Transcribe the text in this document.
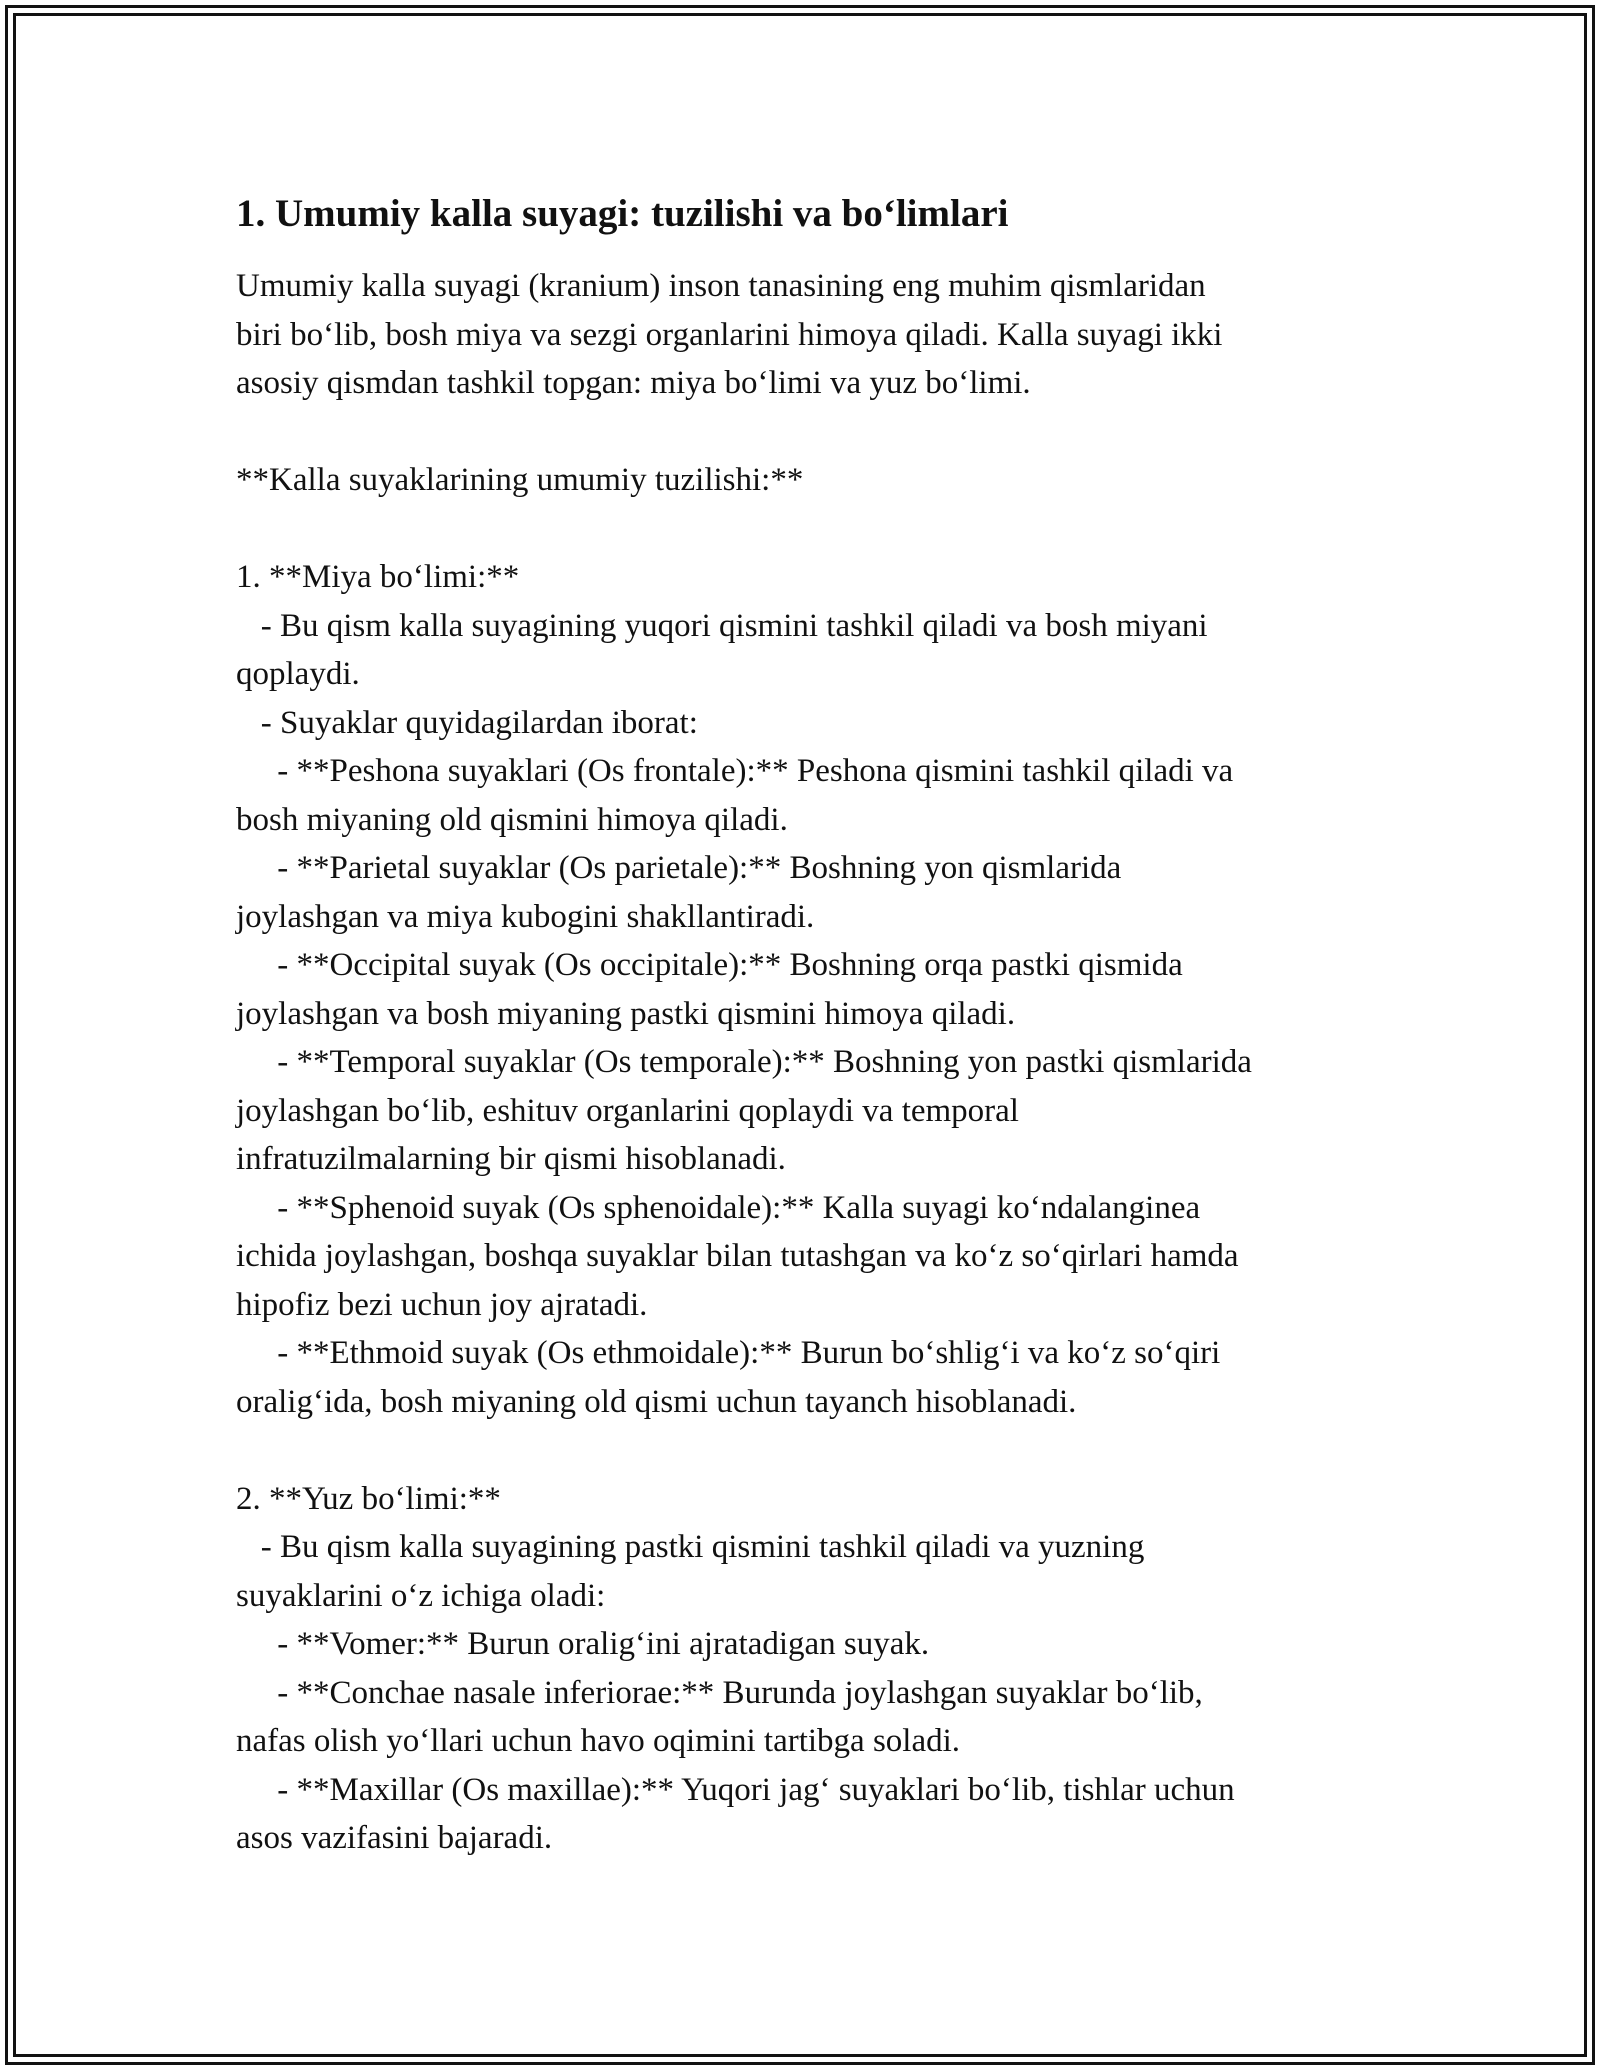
1. Umumiy kalla suyagi: tuzilishi va bo‘limlari
Umumiy kalla suyagi (kranium) inson tanasining eng muhim qismlaridan
biri bo‘lib, bosh miya va sezgi organlarini himoya qiladi. Kalla suyagi ikki
asosiy qismdan tashkil topgan: miya bo‘limi va yuz bo‘limi.
**Kalla suyaklarining umumiy tuzilishi:**
1. **Miya bo‘limi:**
- Bu qism kalla suyagining yuqori qismini tashkil qiladi va bosh miyani
qoplaydi.
- Suyaklar quyidagilardan iborat:
- **Peshona suyaklari (Os frontale):** Peshona qismini tashkil qiladi va
bosh miyaning old qismini himoya qiladi.
- **Parietal suyaklar (Os parietale):** Boshning yon qismlarida
joylashgan va miya kubogini shakllantiradi.
- **Occipital suyak (Os occipitale):** Boshning orqa pastki qismida
joylashgan va bosh miyaning pastki qismini himoya qiladi.
- **Temporal suyaklar (Os temporale):** Boshning yon pastki qismlarida
joylashgan bo‘lib, eshituv organlarini qoplaydi va temporal
infratuzilmalarning bir qismi hisoblanadi.
- **Sphenoid suyak (Os sphenoidale):** Kalla suyagi ko‘ndalanginea
ichida joylashgan, boshqa suyaklar bilan tutashgan va ko‘z so‘qirlari hamda
hipofiz bezi uchun joy ajratadi.
- **Ethmoid suyak (Os ethmoidale):** Burun bo‘shlig‘i va ko‘z so‘qiri
oralig‘ida, bosh miyaning old qismi uchun tayanch hisoblanadi.
2. **Yuz bo‘limi:**
- Bu qism kalla suyagining pastki qismini tashkil qiladi va yuzning
suyaklarini o‘z ichiga oladi:
- **Vomer:** Burun oralig‘ini ajratadigan suyak.
- **Conchae nasale inferiorae:** Burunda joylashgan suyaklar bo‘lib,
nafas olish yo‘llari uchun havo oqimini tartibga soladi.
- **Maxillar (Os maxillae):** Yuqori jag‘ suyaklari bo‘lib, tishlar uchun
asos vazifasini bajaradi.
